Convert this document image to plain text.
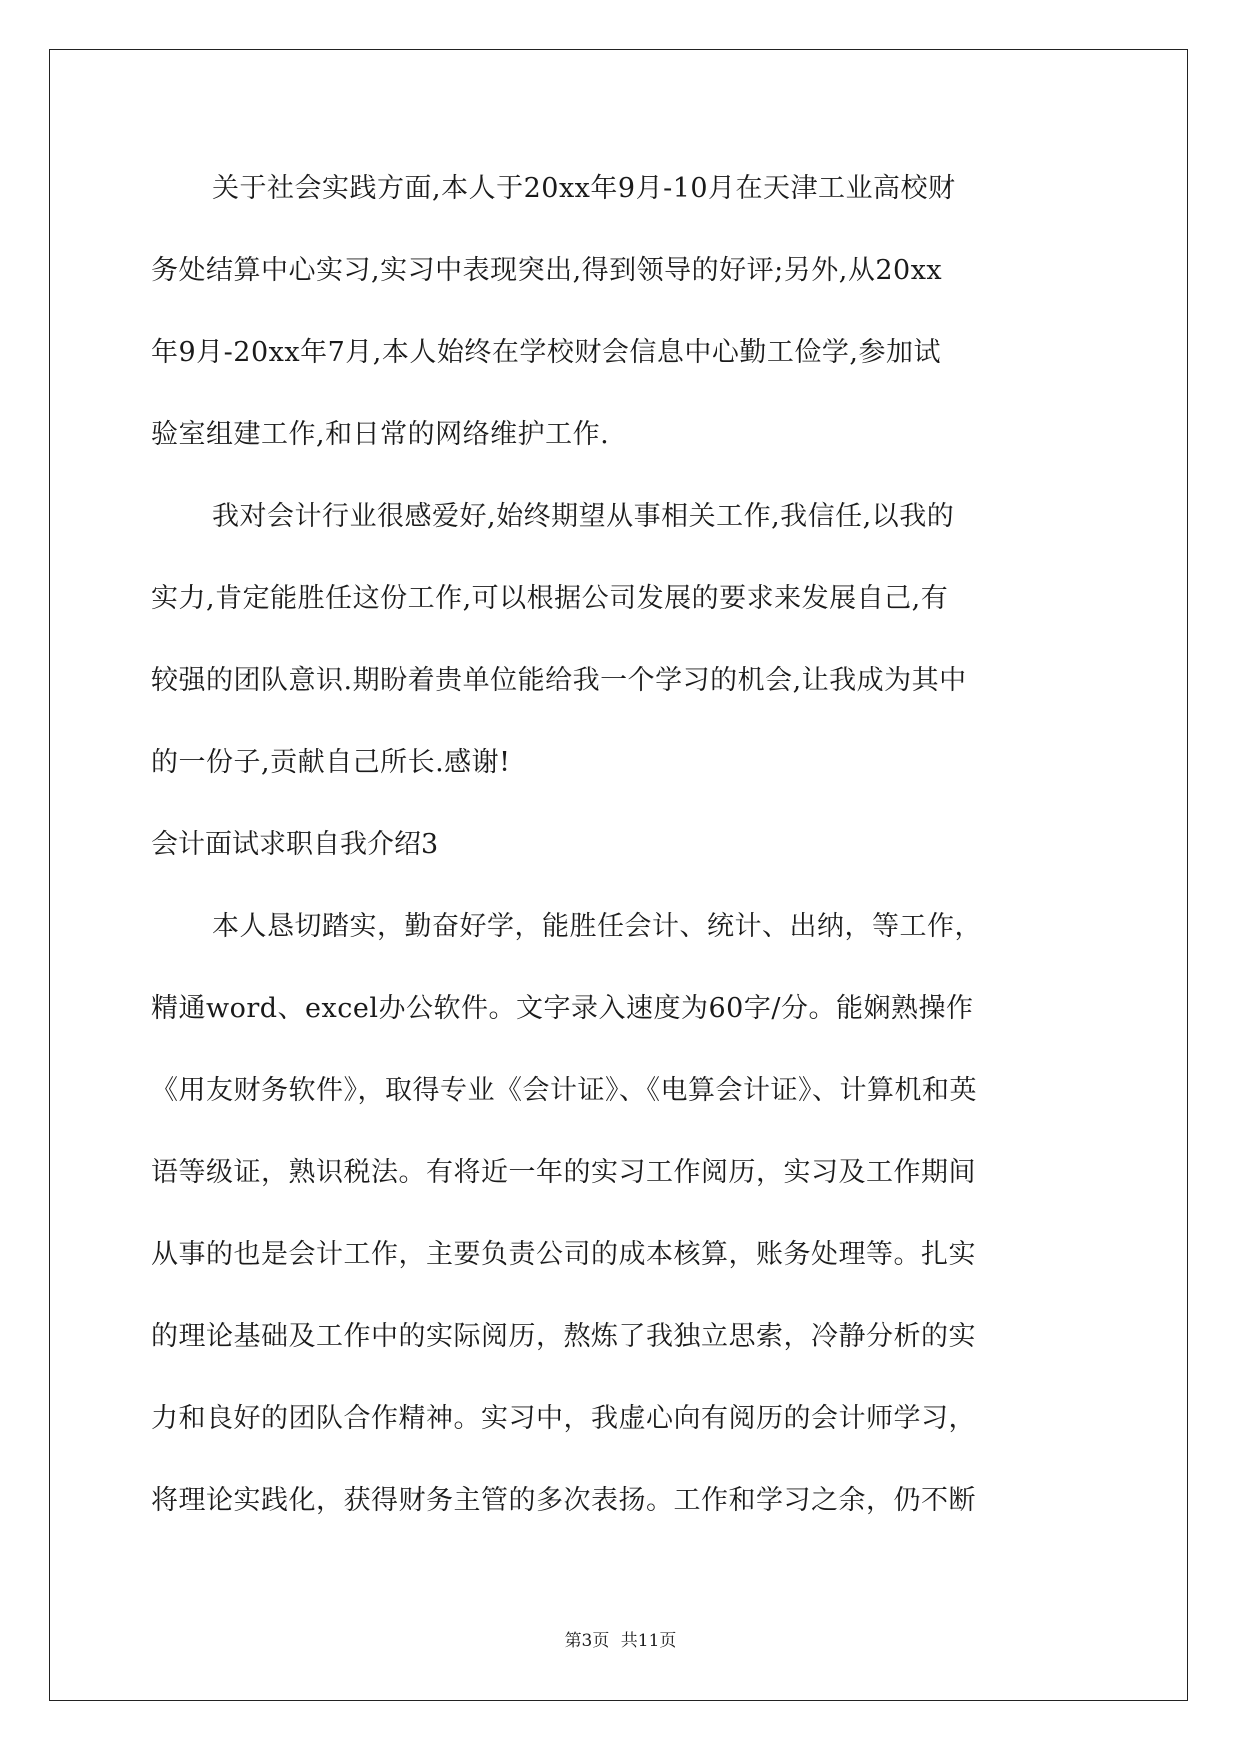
关于社会实践方面,本人于20xx年9月-10月在天津工业高校财
务处结算中心实习,实习中表现突出,得到领导的好评;另外,从20xx
年9月-20xx年7月,本人始终在学校财会信息中心勤工俭学,参加试
验室组建工作,和日常的网络维护工作.
我对会计行业很感爱好,始终期望从事相关工作,我信任,以我的
实力,肯定能胜任这份工作,可以根据公司发展的要求来发展自己,有
较强的团队意识.期盼着贵单位能给我一个学习的机会,让我成为其中
的一份子,贡献自己所长.感谢!
会计面试求职自我介绍3
本人恳切踏实，勤奋好学，能胜任会计、统计、出纳，等工作，
精通word、excel办公软件。文字录入速度为60字/分。能娴熟操作
《用友财务软件》，取得专业《会计证》、《电算会计证》、计算机和英
语等级证，熟识税法。有将近一年的实习工作阅历，实习及工作期间
从事的也是会计工作，主要负责公司的成本核算，账务处理等。扎实
的理论基础及工作中的实际阅历，熬炼了我独立思索，冷静分析的实
力和良好的团队合作精神。实习中，我虚心向有阅历的会计师学习，
将理论实践化，获得财务主管的多次表扬。工作和学习之余，仍不断
第3页 共11页
